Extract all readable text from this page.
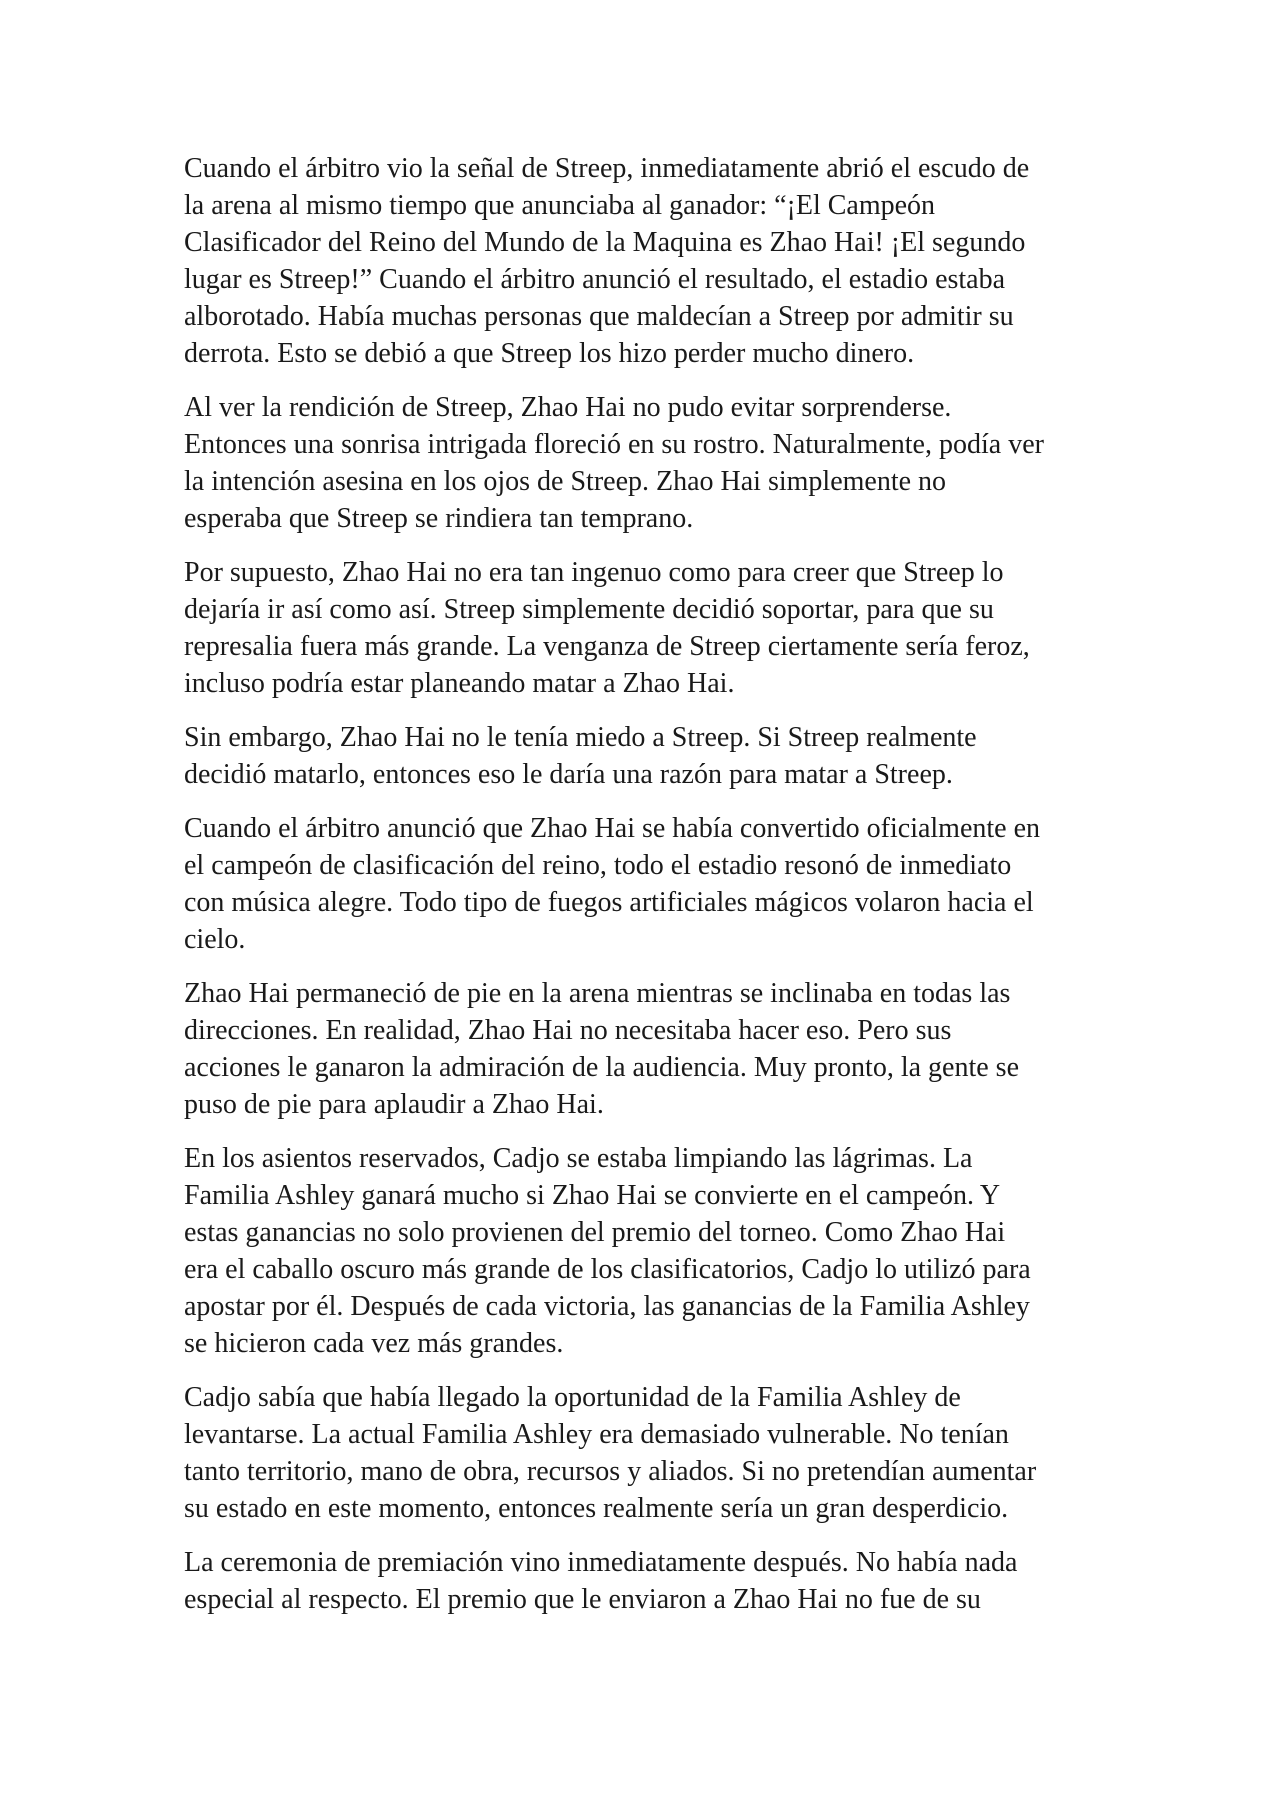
Cuando el árbitro vio la señal de Streep, inmediatamente abrió el escudo de
la arena al mismo tiempo que anunciaba al ganador: “¡El Campeón
Clasificador del Reino del Mundo de la Maquina es Zhao Hai! ¡El segundo
lugar es Streep!” Cuando el árbitro anunció el resultado, el estadio estaba
alborotado. Había muchas personas que maldecían a Streep por admitir su
derrota. Esto se debió a que Streep los hizo perder mucho dinero.

Al ver la rendición de Streep, Zhao Hai no pudo evitar sorprenderse.
Entonces una sonrisa intrigada floreció en su rostro. Naturalmente, podía ver
la intención asesina en los ojos de Streep. Zhao Hai simplemente no
esperaba que Streep se rindiera tan temprano.

Por supuesto, Zhao Hai no era tan ingenuo como para creer que Streep lo
dejaría ir así como así. Streep simplemente decidió soportar, para que su
represalia fuera más grande. La venganza de Streep ciertamente sería feroz,
incluso podría estar planeando matar a Zhao Hai.

Sin embargo, Zhao Hai no le tenía miedo a Streep. Si Streep realmente
decidió matarlo, entonces eso le daría una razón para matar a Streep.

Cuando el árbitro anunció que Zhao Hai se había convertido oficialmente en
el campeón de clasificación del reino, todo el estadio resonó de inmediato
con música alegre. Todo tipo de fuegos artificiales mágicos volaron hacia el
cielo.

Zhao Hai permaneció de pie en la arena mientras se inclinaba en todas las
direcciones. En realidad, Zhao Hai no necesitaba hacer eso. Pero sus
acciones le ganaron la admiración de la audiencia. Muy pronto, la gente se
puso de pie para aplaudir a Zhao Hai.

En los asientos reservados, Cadjo se estaba limpiando las lágrimas. La
Familia Ashley ganará mucho si Zhao Hai se convierte en el campeón. Y
estas ganancias no solo provienen del premio del torneo. Como Zhao Hai
era el caballo oscuro más grande de los clasificatorios, Cadjo lo utilizó para
apostar por él. Después de cada victoria, las ganancias de la Familia Ashley
se hicieron cada vez más grandes.

Cadjo sabía que había llegado la oportunidad de la Familia Ashley de
levantarse. La actual Familia Ashley era demasiado vulnerable. No tenían
tanto territorio, mano de obra, recursos y aliados. Si no pretendían aumentar
su estado en este momento, entonces realmente sería un gran desperdicio.

La ceremonia de premiación vino inmediatamente después. No había nada
especial al respecto. El premio que le enviaron a Zhao Hai no fue de su
